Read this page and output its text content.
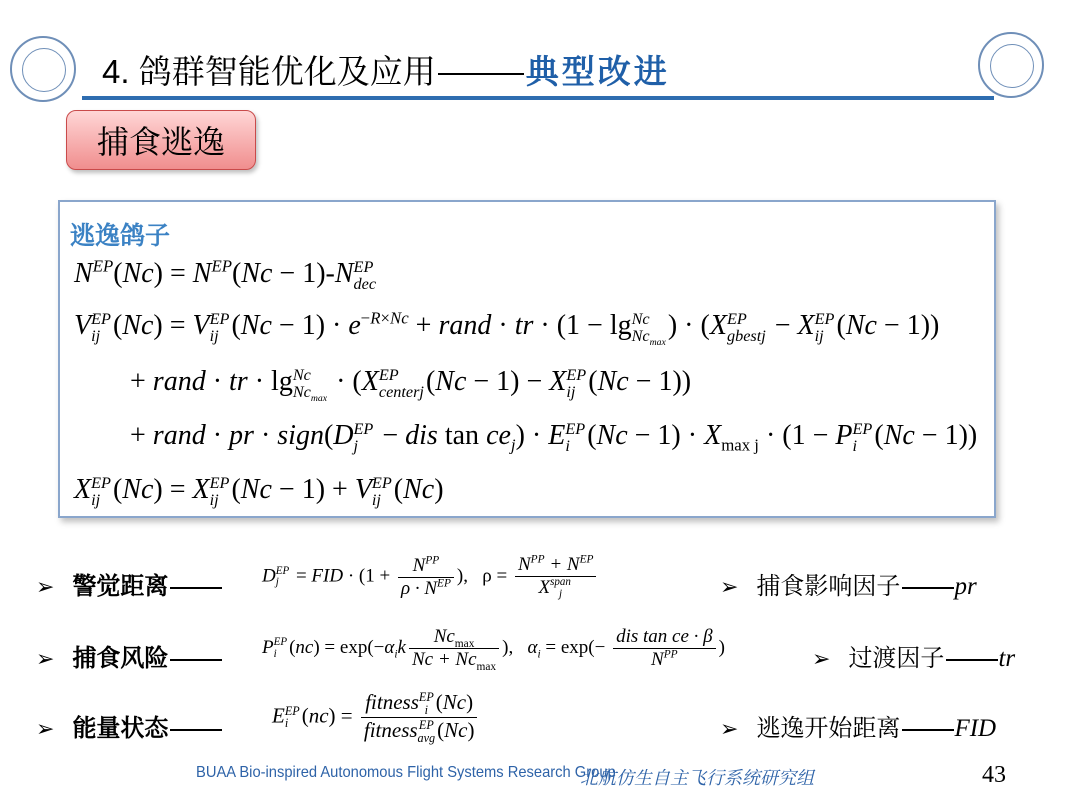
4. 鸽群智能优化及应用	典型改进
捕食逃逸
逃逸鸽子
$N^{EP}(Nc) = N^{EP}(Nc - 1)-N$ EP
dec
V EP
ij (Nc) = V EP
ij $(Nc - 1) \cdot e^{-R\times Nc}$ + rand · tr · (1 − lg Nc
$Nc_{max}$
) · (X EP
gbestj − X EP
ij (Nc − 1))
+ rand · tr · lg Nc
$Nc_{max}$
· (X EP
centerj (Nc − 1) − X EP
ij (Nc − 1))
+ rand · pr · sign(D EP
j − dis $\tan ce_j) \cdot E$ EP
i $(Nc - 1) \cdot X_{max j} \cdot (1 - P$ EP
i (Nc − 1))
X EP
ij (Nc) = X EP
ij (Nc − 1) + V EP
ij (Nc)
➢ 警觉距离	D EP
j = FID · ($1 + \frac{N^{PP}}{\rho \cdot N^{EP}}$ ),   $\rho = N^{PP} + N^{EP}$
X span
j	➢ 捕食影响因子 pr
➢ 捕食风险	P EP
i $(nc) = \exp(-\alpha_ik \frac{Nc_{max}}{Nc + Nc_{max}}$ ),   $\alpha_i = \exp(- \frac{\text{dis tan ce · β}}{N^{PP}}$ )	➢ 过渡因子 tr
➢ 能量状态	E EP
i (nc) = fitness EP
i (Nc)
fitness EP
avg (Nc)	➢ 逃逸开始距离 FID
BUAA Bio-inspired Autonomous Flight Systems Research Group
北航仿生自主飞行系统研究组	43
